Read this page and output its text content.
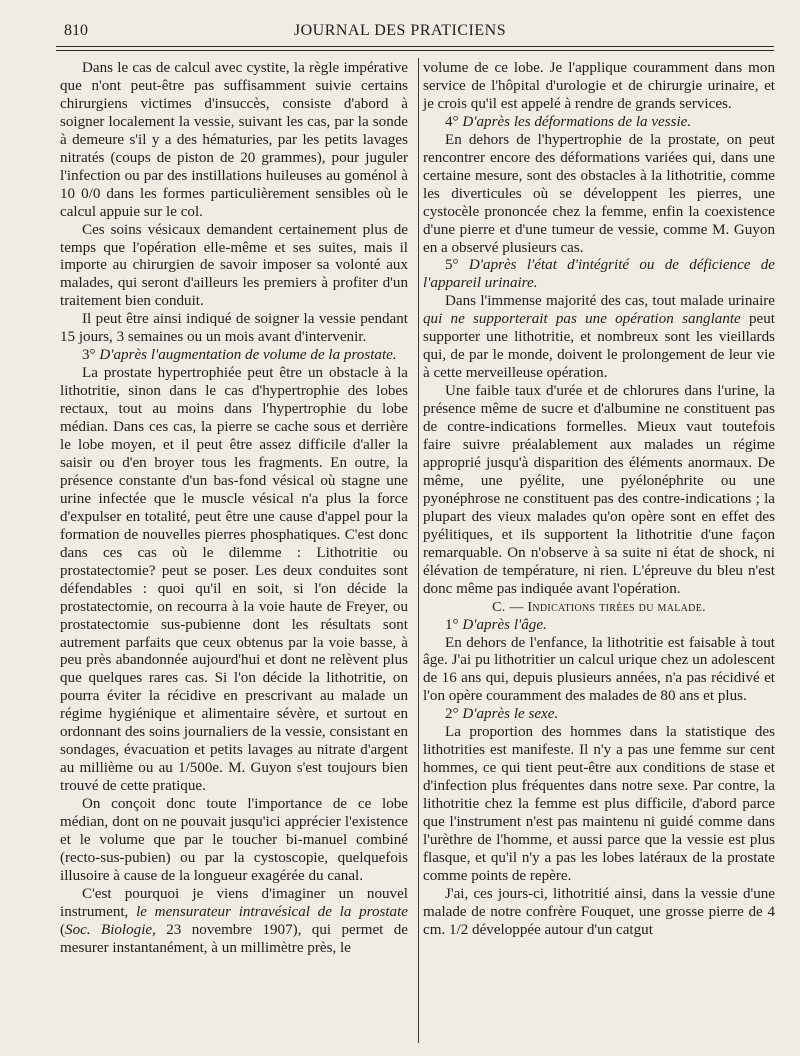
810	JOURNAL DES PRATICIENS

Dans le cas de calcul avec cystite, la règle impérative que n'ont peut-être pas suffisamment suivie certains chirurgiens victimes d'insuccès, consiste d'abord à soigner localement la vessie, suivant les cas, par la sonde à demeure s'il y a des hématuries, par les petits lavages nitratés (coups de piston de 20 grammes), pour juguler l'infection ou par des instillations huileuses au goménol à 10 0/0 dans les formes particulièrement sensibles où le calcul appuie sur le col.

Ces soins vésicaux demandent certainement plus de temps que l'opération elle-même et ses suites, mais il importe au chirurgien de savoir imposer sa volonté aux malades, qui seront d'ailleurs les premiers à profiter d'un traitement bien conduit.

Il peut être ainsi indiqué de soigner la vessie pendant 15 jours, 3 semaines ou un mois avant d'intervenir.

3° D'après l'augmentation de volume de la prostate.

La prostate hypertrophiée peut être un obstacle à la lithotritie, sinon dans le cas d'hypertrophie des lobes rectaux, tout au moins dans l'hypertrophie du lobe médian. Dans ces cas, la pierre se cache sous et derrière le lobe moyen, et il peut être assez difficile d'aller la saisir ou d'en broyer tous les fragments. En outre, la présence constante d'un bas-fond vésical où stagne une urine infectée que le muscle vésical n'a plus la force d'expulser en totalité, peut être une cause d'appel pour la formation de nouvelles pierres phosphatiques. C'est donc dans ces cas où le dilemme : Lithotritie ou prostatectomie? peut se poser. Les deux conduites sont défendables : quoi qu'il en soit, si l'on décide la prostatectomie, on recourra à la voie haute de Freyer, ou prostatectomie sus-pubienne dont les résultats sont autrement parfaits que ceux obtenus par la voie basse, à peu près abandonnée aujourd'hui et dont ne relèvent plus que quelques rares cas. Si l'on décide la lithotritie, on pourra éviter la récidive en prescrivant au malade un régime hygiénique et alimentaire sévère, et surtout en ordonnant des soins journaliers de la vessie, consistant en sondages, évacuation et petits lavages au nitrate d'argent au millième ou au 1/500e. M. Guyon s'est toujours bien trouvé de cette pratique.

On conçoit donc toute l'importance de ce lobe médian, dont on ne pouvait jusqu'ici apprécier l'existence et le volume que par le toucher bi-manuel combiné (recto-sus-pubien) ou par la cystoscopie, quelquefois illusoire à cause de la longueur exagérée du canal.

C'est pourquoi je viens d'imaginer un nouvel instrument, le mensurateur intravésical de la prostate (Soc. Biologie, 23 novembre 1907), qui permet de mesurer instantanément, à un millimètre près, le

volume de ce lobe. Je l'applique couramment dans mon service de l'hôpital d'urologie et de chirurgie urinaire, et je crois qu'il est appelé à rendre de grands services.

4° D'après les déformations de la vessie.

En dehors de l'hypertrophie de la prostate, on peut rencontrer encore des déformations variées qui, dans une certaine mesure, sont des obstacles à la lithotritie, comme les diverticules où se développent les pierres, une cystocèle prononcée chez la femme, enfin la coexistence d'une pierre et d'une tumeur de vessie, comme M. Guyon en a observé plusieurs cas.

5° D'après l'état d'intégrité ou de déficience de l'appareil urinaire.

Dans l'immense majorité des cas, tout malade urinaire qui ne supporterait pas une opération sanglante peut supporter une lithotritie, et nombreux sont les vieillards qui, de par le monde, doivent le prolongement de leur vie à cette merveilleuse opération.

Une faible taux d'urée et de chlorures dans l'urine, la présence même de sucre et d'albumine ne constituent pas de contre-indications formelles. Mieux vaut toutefois faire suivre préalablement aux malades un régime approprié jusqu'à disparition des éléments anormaux. De même, une pyélite, une pyélonéphrite ou une pyonéphrose ne constituent pas des contre-indications ; la plupart des vieux malades qu'on opère sont en effet des pyélitiques, et ils supportent la lithotritie d'une façon remarquable. On n'observe à sa suite ni état de shock, ni élévation de température, ni rien. L'épreuve du bleu n'est donc même pas indiquée avant l'opération.

C. — Indications tirées du malade.

1° D'après l'âge.

En dehors de l'enfance, la lithotritie est faisable à tout âge. J'ai pu lithotritier un calcul urique chez un adolescent de 16 ans qui, depuis plusieurs années, n'a pas récidivé et l'on opère couramment des malades de 80 ans et plus.

2° D'après le sexe.

La proportion des hommes dans la statistique des lithotrities est manifeste. Il n'y a pas une femme sur cent hommes, ce qui tient peut-être aux conditions de stase et d'infection plus fréquentes dans notre sexe. Par contre, la lithotritie chez la femme est plus difficile, d'abord parce que l'instrument n'est pas maintenu ni guidé comme dans l'urèthre de l'homme, et aussi parce que la vessie est plus flasque, et qu'il n'y a pas les lobes latéraux de la prostate comme points de repère.

J'ai, ces jours-ci, lithotritié ainsi, dans la vessie d'une malade de notre confrère Fouquet, une grosse pierre de 4 cm. 1/2 développée autour d'un catgut
